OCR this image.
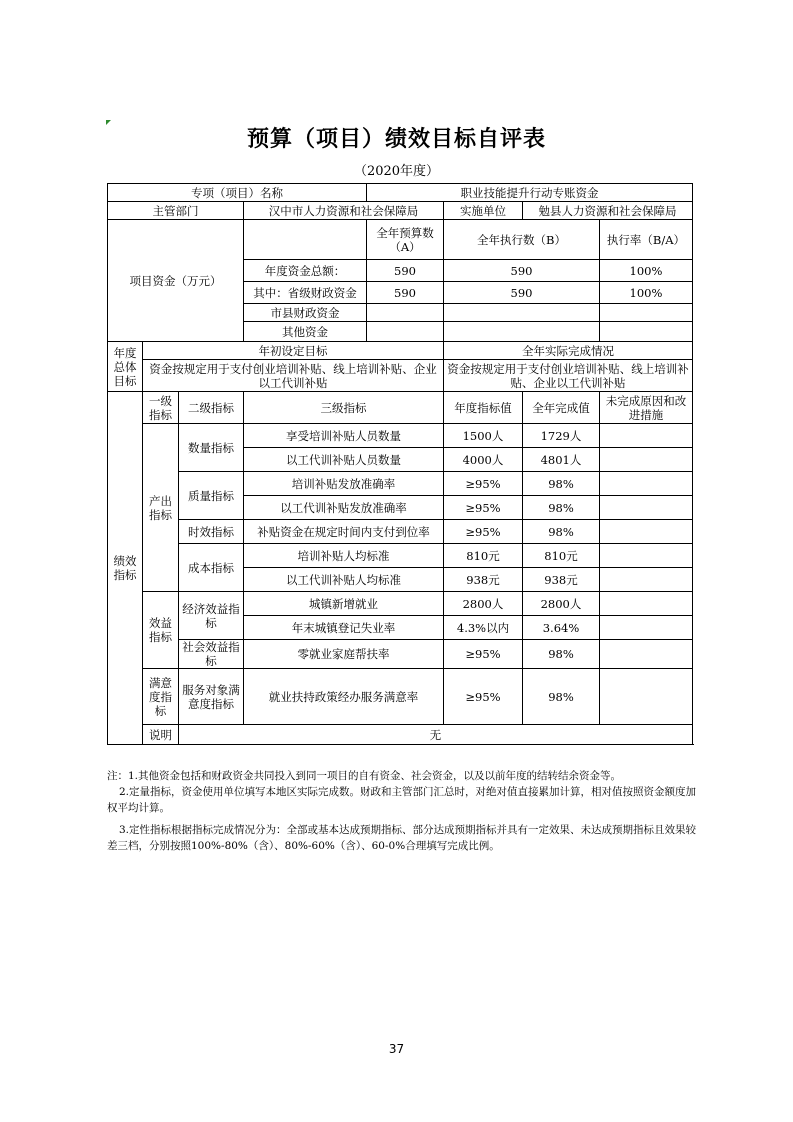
预算（项目）绩效目标自评表
（2020年度）
专项（项目）名称				职业技能提升行动专账资金			
主管部门			汉中市人力资源和社会保障局		实施单位	勉县人力资源和社会保障局	
项目资金（万元）				全年预算数（A）	全年执行数（B）		执行率（B/A）
			年度资金总额：	590	590		100%
			其中：省级财政资金	590	590		100%
			市县财政资金				
			其他资金				
年度总体目标	年初设定目标				全年实际完成情况		
	资金按规定用于支付创业培训补贴、线上培训补贴、企业以工代训补贴				资金按规定用于支付创业培训补贴、线上培训补贴、企业以工代训补贴		
绩效指标	一级指标	二级指标	三级指标		年度指标值	全年完成值	未完成原因和改进措施
	产出指标	数量指标	享受培训补贴人员数量		1500人	1729人	
			以工代训补贴人员数量		4000人	4801人	
		质量指标	培训补贴发放准确率		≥95%	98%	
			以工代训补贴发放准确率		≥95%	98%	
		时效指标	补贴资金在规定时间内支付到位率		≥95%	98%	
		成本指标	培训补贴人均标准		810元	810元	
			以工代训补贴人均标准		938元	938元	
	效益指标	经济效益指标	城镇新增就业		2800人	2800人	
			年末城镇登记失业率		4.3%以内	3.64%	
		社会效益指标	零就业家庭帮扶率		≥95%	98%	
	满意度指标	服务对象满意度指标	就业扶持政策经办服务满意率		≥95%	98%	
	说明	无					

注：1.其他资金包括和财政资金共同投入到同一项目的自有资金、社会资金，以及以前年度的结转结余资金等。

2.定量指标，资金使用单位填写本地区实际完成数。财政和主管部门汇总时，对绝对值直接累加计算，相对值按照资金额度加权平均计算。

3.定性指标根据指标完成情况分为：全部或基本达成预期指标、部分达成预期指标并具有一定效果、未达成预期指标且效果较差三档，分别按照100%-80%（含）、80%-60%（含）、60-0%合理填写完成比例。

37
